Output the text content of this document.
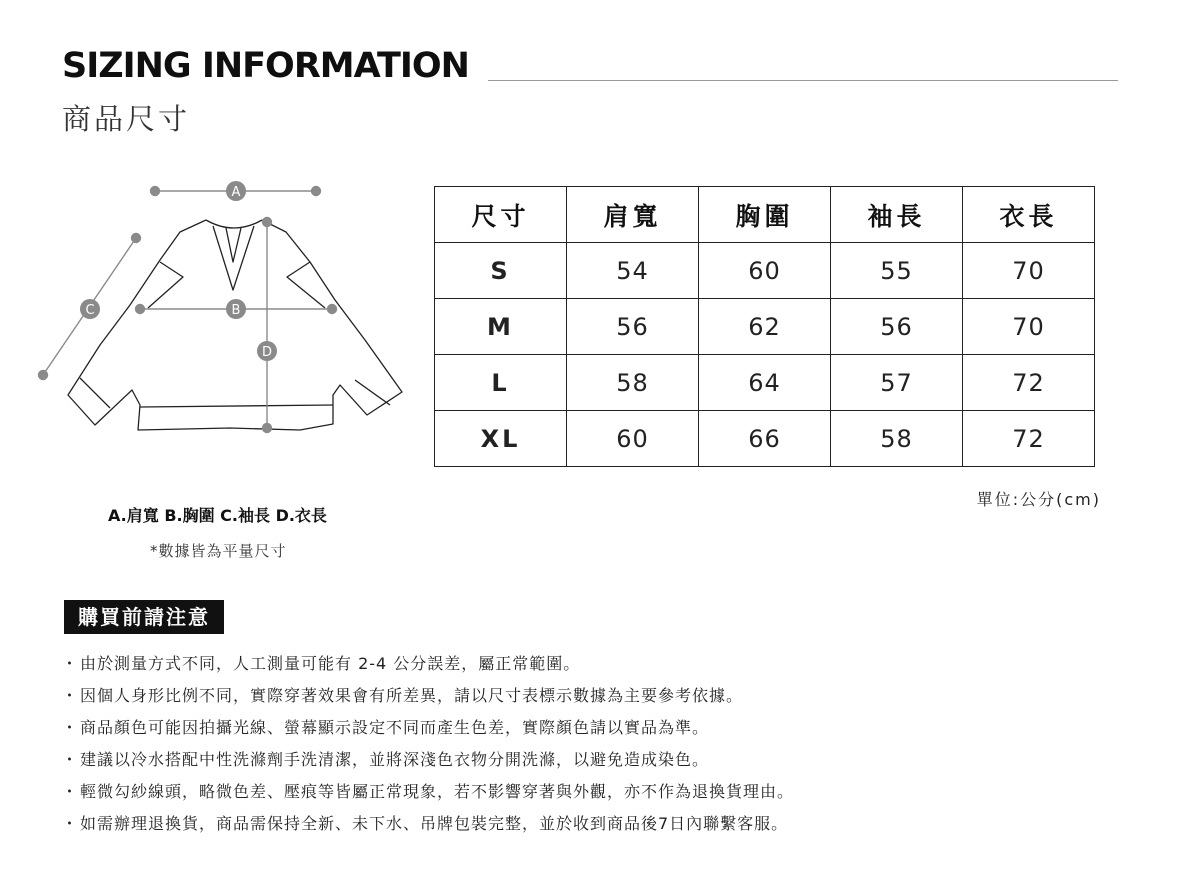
SIZING INFORMATION
商品尺寸
A
B
C
D
A.肩寬 B.胸圍 C.袖長 D.衣長
*數據皆為平量尺寸
尺寸	肩寬	胸圍	袖長	衣長
S	54	60	55	70
M	56	62	56	70
L	58	64	57	72
XL	60	66	58	72
單位:公分(cm)
購買前請注意
・由於測量方式不同，人工測量可能有 2-4 公分誤差，屬正常範圍。
・因個人身形比例不同，實際穿著效果會有所差異，請以尺寸表標示數據為主要參考依據。
・商品顏色可能因拍攝光線、螢幕顯示設定不同而產生色差，實際顏色請以實品為準。
・建議以冷水搭配中性洗滌劑手洗清潔，並將深淺色衣物分開洗滌，以避免造成染色。
・輕微勾紗線頭，略微色差、壓痕等皆屬正常現象，若不影響穿著與外觀，亦不作為退換貨理由。
・如需辦理退換貨，商品需保持全新、未下水、吊牌包裝完整，並於收到商品後7日內聯繫客服。
